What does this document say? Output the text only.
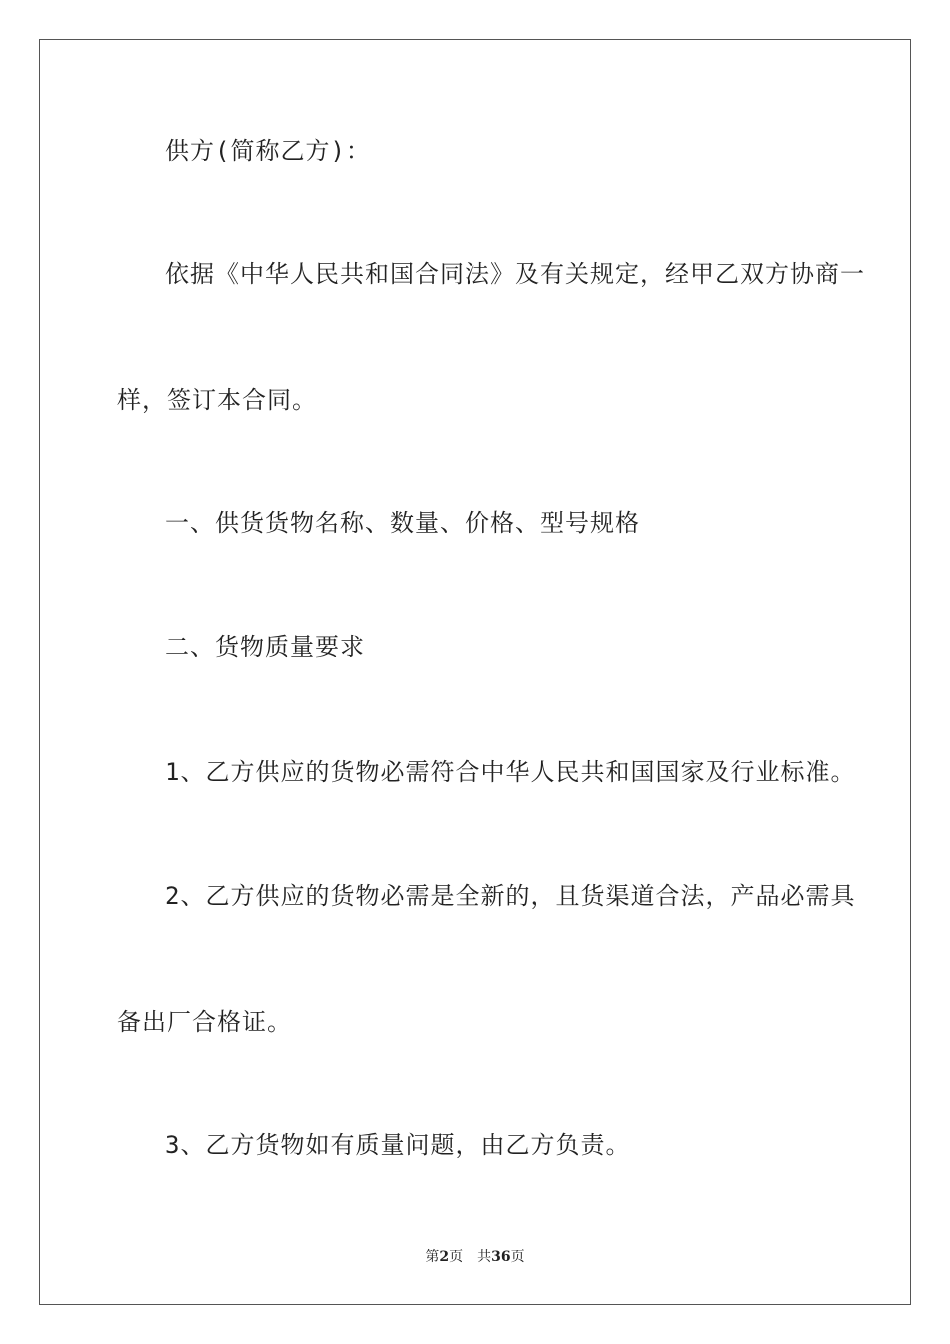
供方(简称乙方)：
依据《中华人民共和国合同法》及有关规定，经甲乙双方协商一
样，签订本合同。
一、供货货物名称、数量、价格、型号规格
二、货物质量要求
1、乙方供应的货物必需符合中华人民共和国国家及行业标准。
2、乙方供应的货物必需是全新的，且货渠道合法，产品必需具
备出厂合格证。
3、乙方货物如有质量问题，由乙方负责。
第2页 共36页
